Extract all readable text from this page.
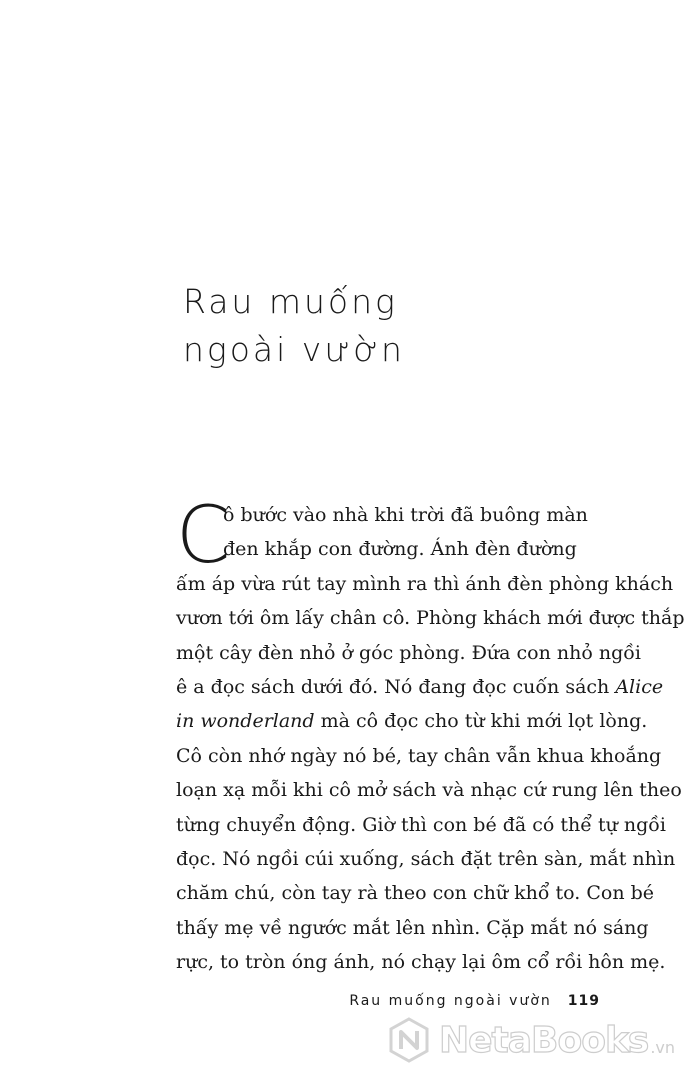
Rau muống
ngoài vườn
C
ô bước vào nhà khi trời đã buông màn
đen khắp con đường. Ánh đèn đường
ấm áp vừa rút tay mình ra thì ánh đèn phòng khách
vươn tới ôm lấy chân cô. Phòng khách mới được thắp
một cây đèn nhỏ ở góc phòng. Đứa con nhỏ ngồi
ê a đọc sách dưới đó. Nó đang đọc cuốn sách Alice
in wonderland mà cô đọc cho từ khi mới lọt lòng.
Cô còn nhớ ngày nó bé, tay chân vẫn khua khoắng
loạn xạ mỗi khi cô mở sách và nhạc cứ rung lên theo
từng chuyển động. Giờ thì con bé đã có thể tự ngồi
đọc. Nó ngồi cúi xuống, sách đặt trên sàn, mắt nhìn
chăm chú, còn tay rà theo con chữ khổ to. Con bé
thấy mẹ về ngước mắt lên nhìn. Cặp mắt nó sáng
rực, to tròn óng ánh, nó chạy lại ôm cổ rồi hôn mẹ.
Rau muống ngoài vườn 119
NetaBooks .vn
